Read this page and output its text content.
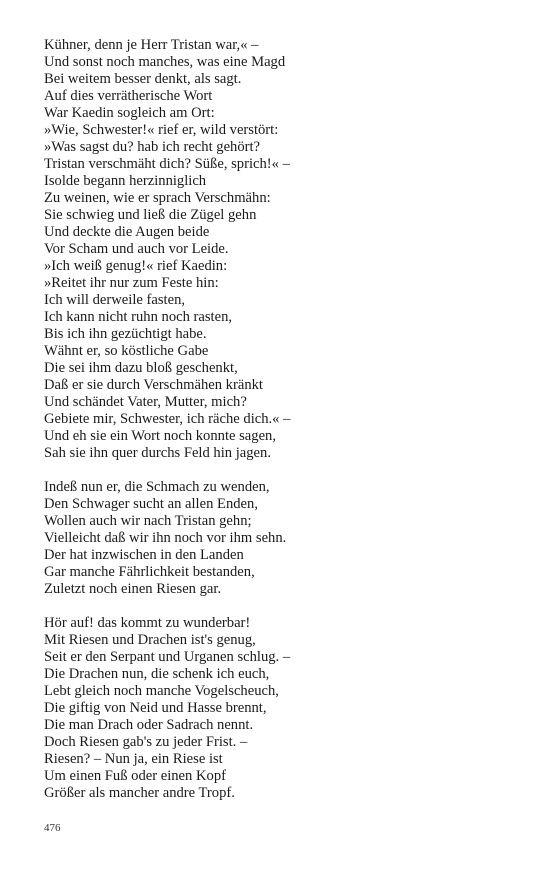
Kühner, denn je Herr Tristan war,« –
Und sonst noch manches, was eine Magd
Bei weitem besser denkt, als sagt.
Auf dies verrätherische Wort
War Kaedin sogleich am Ort:
»Wie, Schwester!« rief er, wild verstört:
»Was sagst du? hab ich recht gehört?
Tristan verschmäht dich? Süße, sprich!« –
Isolde begann herzinniglich
Zu weinen, wie er sprach Verschmähn:
Sie schwieg und ließ die Zügel gehn
Und deckte die Augen beide
Vor Scham und auch vor Leide.
»Ich weiß genug!« rief Kaedin:
»Reitet ihr nur zum Feste hin:
Ich will derweile fasten,
Ich kann nicht ruhn noch rasten,
Bis ich ihn gezüchtigt habe.
Wähnt er, so köstliche Gabe
Die sei ihm dazu bloß geschenkt,
Daß er sie durch Verschmähen kränkt
Und schändet Vater, Mutter, mich?
Gebiete mir, Schwester, ich räche dich.« –
Und eh sie ein Wort noch konnte sagen,
Sah sie ihn quer durchs Feld hin jagen.
Indeß nun er, die Schmach zu wenden,
Den Schwager sucht an allen Enden,
Wollen auch wir nach Tristan gehn;
Vielleicht daß wir ihn noch vor ihm sehn.
Der hat inzwischen in den Landen
Gar manche Fährlichkeit bestanden,
Zuletzt noch einen Riesen gar.
Hör auf! das kommt zu wunderbar!
Mit Riesen und Drachen ist's genug,
Seit er den Serpant und Urganen schlug. –
Die Drachen nun, die schenk ich euch,
Lebt gleich noch manche Vogelscheuch,
Die giftig von Neid und Hasse brennt,
Die man Drach oder Sadrach nennt.
Doch Riesen gab's zu jeder Frist. –
Riesen? – Nun ja, ein Riese ist
Um einen Fuß oder einen Kopf
Größer als mancher andre Tropf.
476
